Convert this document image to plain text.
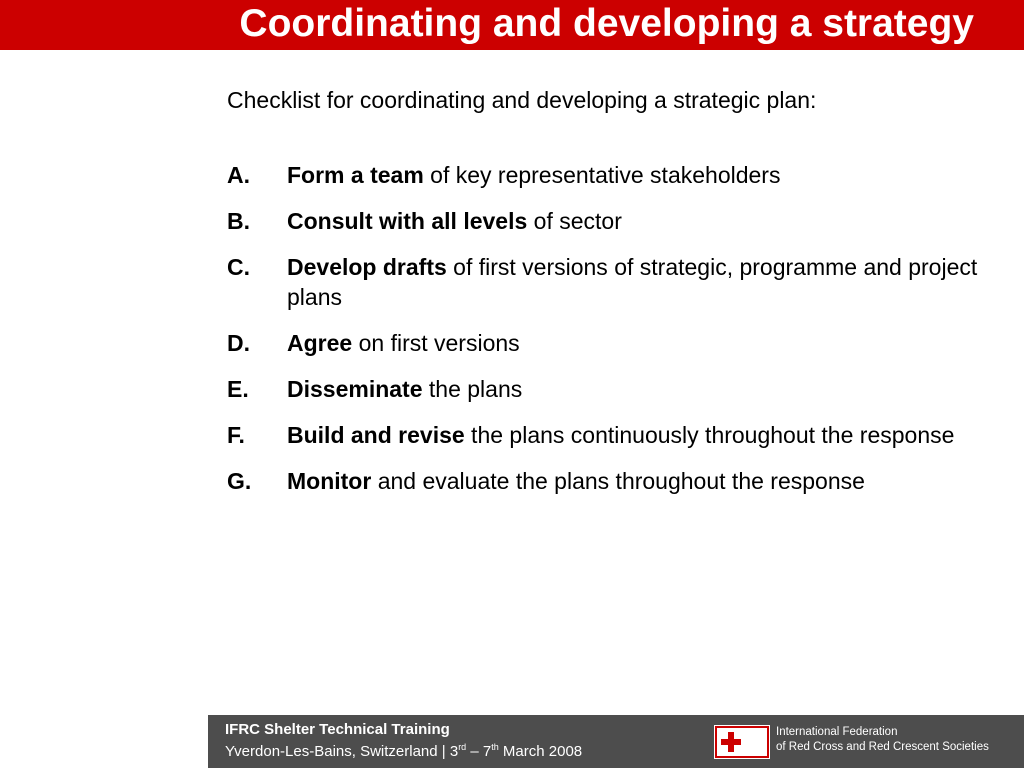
Coordinating and developing a strategy
Checklist for coordinating and developing a strategic plan:
A. Form a team of key representative stakeholders
B. Consult with all levels of sector
C. Develop drafts of first versions of strategic, programme and project plans
D. Agree on first versions
E. Disseminate the plans
F. Build and revise the plans continuously throughout the response
G. Monitor and evaluate the plans throughout the response
IFRC Shelter Technical Training
Yverdon-Les-Bains, Switzerland | 3rd – 7th March 2008
International Federation
of Red Cross and Red Crescent Societies
